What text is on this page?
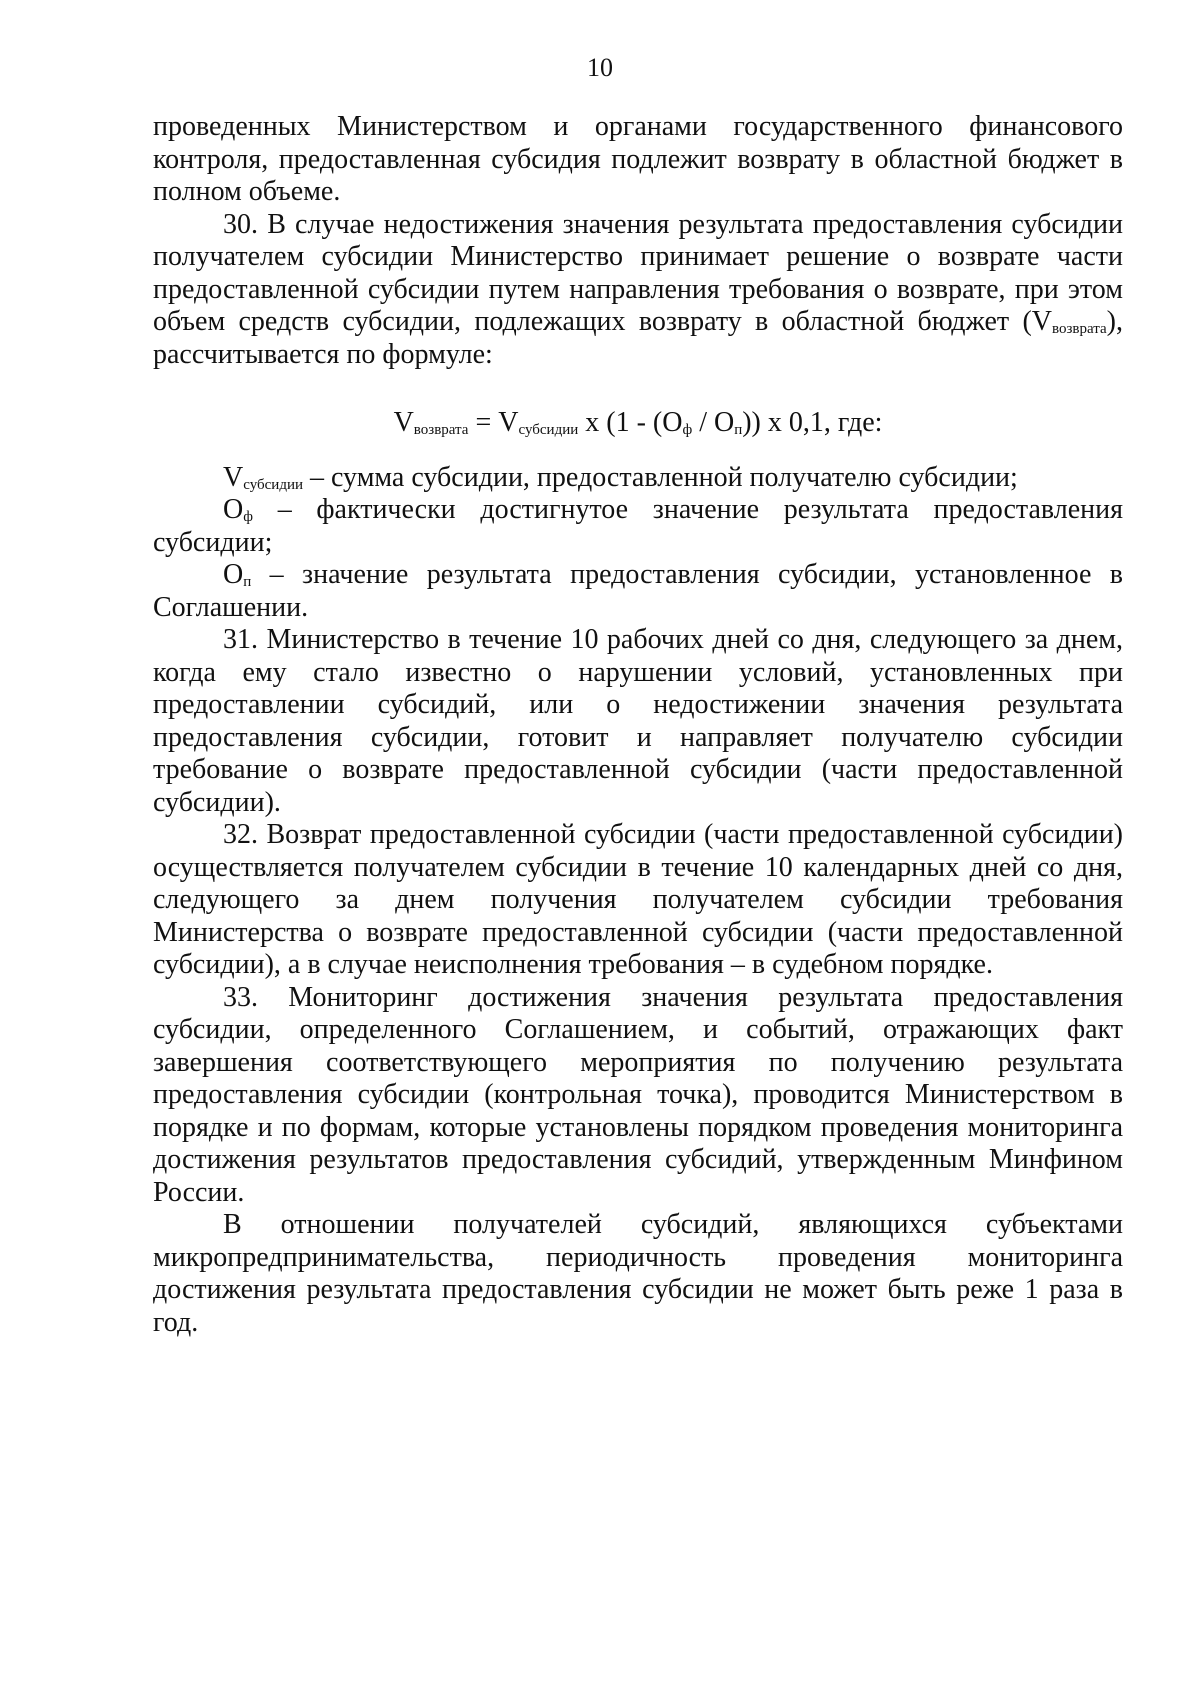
10

проведенных Министерством и органами государственного финансового контроля, предоставленная субсидия подлежит возврату в областной бюджет в полном объеме.

30. В случае недостижения значения результата предоставления субсидии получателем субсидии Министерство принимает решение о возврате части предоставленной субсидии путем направления требования о возврате, при этом объем средств субсидии, подлежащих возврату в областной бюджет $(V_{возврата})$, рассчитывается по формуле:

$V_{возврата} = V_{субсидии}$ x $(1 - (O_ф / O_п))$ x 0,1, где:

$V_{субсидии}$ – сумма субсидии, предоставленной получателю субсидии;

$O_ф$ – фактически достигнутое значение результата предоставления субсидии;

$O_п$ – значение результата предоставления субсидии, установленное в Соглашении.

31. Министерство в течение 10 рабочих дней со дня, следующего за днем, когда ему стало известно о нарушении условий, установленных при предоставлении субсидий, или о недостижении значения результата предоставления субсидии, готовит и направляет получателю субсидии требование о возврате предоставленной субсидии (части предоставленной субсидии).

32. Возврат предоставленной субсидии (части предоставленной субсидии) осуществляется получателем субсидии в течение 10 календарных дней со дня, следующего за днем получения получателем субсидии требования Министерства о возврате предоставленной субсидии (части предоставленной субсидии), а в случае неисполнения требования – в судебном порядке.

33. Мониторинг достижения значения результата предоставления субсидии, определенного Соглашением, и событий, отражающих факт завершения соответствующего мероприятия по получению результата предоставления субсидии (контрольная точка), проводится Министерством в порядке и по формам, которые установлены порядком проведения мониторинга достижения результатов предоставления субсидий, утвержденным Минфином России.

В отношении получателей субсидий, являющихся субъектами микропредпринимательства, периодичность проведения мониторинга достижения результата предоставления субсидии не может быть реже 1 раза в год.
